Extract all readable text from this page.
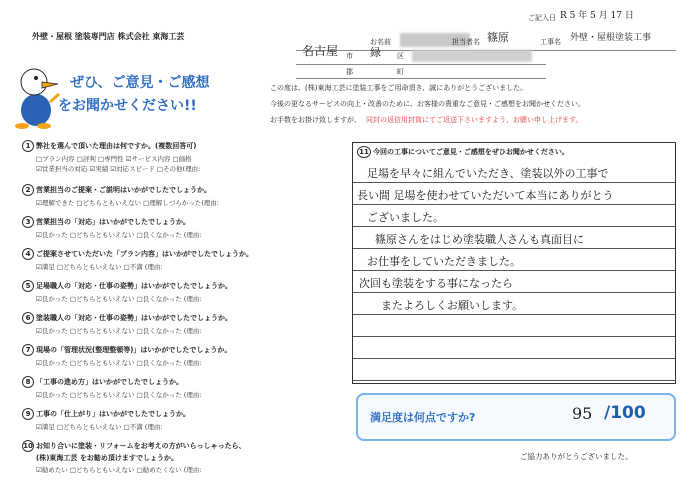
外壁・屋根 塗装専門店 株式会社 東海工芸
ご記入日 R 5 年 5 月 17 日
お名前	担当者名 篠原	工事名 外壁・屋根塗装工事
名古屋 市 緑 区
郡	町
ぜひ、ご意見・ご感想
をお聞かせください!!
この度は、(株)東海工芸に塗装工事をご用命頂き、誠にありがとうございました。
今後の更なるサービスの向上・改善のために、お客様の貴重なご意見・ご感想をお聞かせください。
お手数をお掛け致しますが、 同封の返信用封筒にてご返送下さいますよう、お願い申し上げます。
1 弊社を選んで頂いた理由は何ですか。(複数回答可)
□プラン内容 □評判 □専門性 ☑サービス内容 □価格
☑営業担当の対応 ☑実績 ☑対応スピード □その他(理由:
2 営業担当のご提案・ご説明はいかがでしたでしょうか。
☑理解できた □どちらともいえない □理解しづらかった(理由:
3 営業担当の「対応」はいかがでしたでしょうか。
☑良かった □どちらともいえない □良くなかった (理由:
4 ご提案させていただいた「プラン内容」はいかがでしたでしょうか。
☑満足 □どちらともいえない □不満 (理由:
5 足場職人の「対応・仕事の姿勢」はいかがでしたでしょうか。
☑良かった □どちらともいえない □良くなかった (理由:
6 塗装職人の「対応・仕事の姿勢」はいかがでしたでしょうか。
☑良かった □どちらともいえない □良くなかった (理由:
7 現場の「管理状況(整理整頓等)」はいかがでしたでしょうか。
☑良かった □どちらともいえない □良くなかった (理由:
8 「工事の進め方」はいかがでしたでしょうか。
☑良かった □どちらともいえない □良くなかった (理由:
9 工事の「仕上がり」はいかがでしたでしょうか。
☑満足 □どちらともいえない □不満 (理由:
10 お知り合いに塗装・リフォームをお考えの方がいらっしゃったら、
(株)東海工芸 をお勧め頂けますでしょうか。
☑勧めたい □どちらともいえない □勧めたくない (理由:
11 今回の工事についてご意見・ご感想をぜひお聞かせください。
足場を早々に組んでいただき、塗装以外の工事で
長い間 足場を使わせていただいて本当にありがとう
ございました。
篠原さんをはじめ塗装職人さんも真面目に
お仕事をしていただきました。
次回も塗装をする事になったら
またよろしくお願いします。
満足度は何点ですか?	95 /100
ご協力ありがとうございました。
